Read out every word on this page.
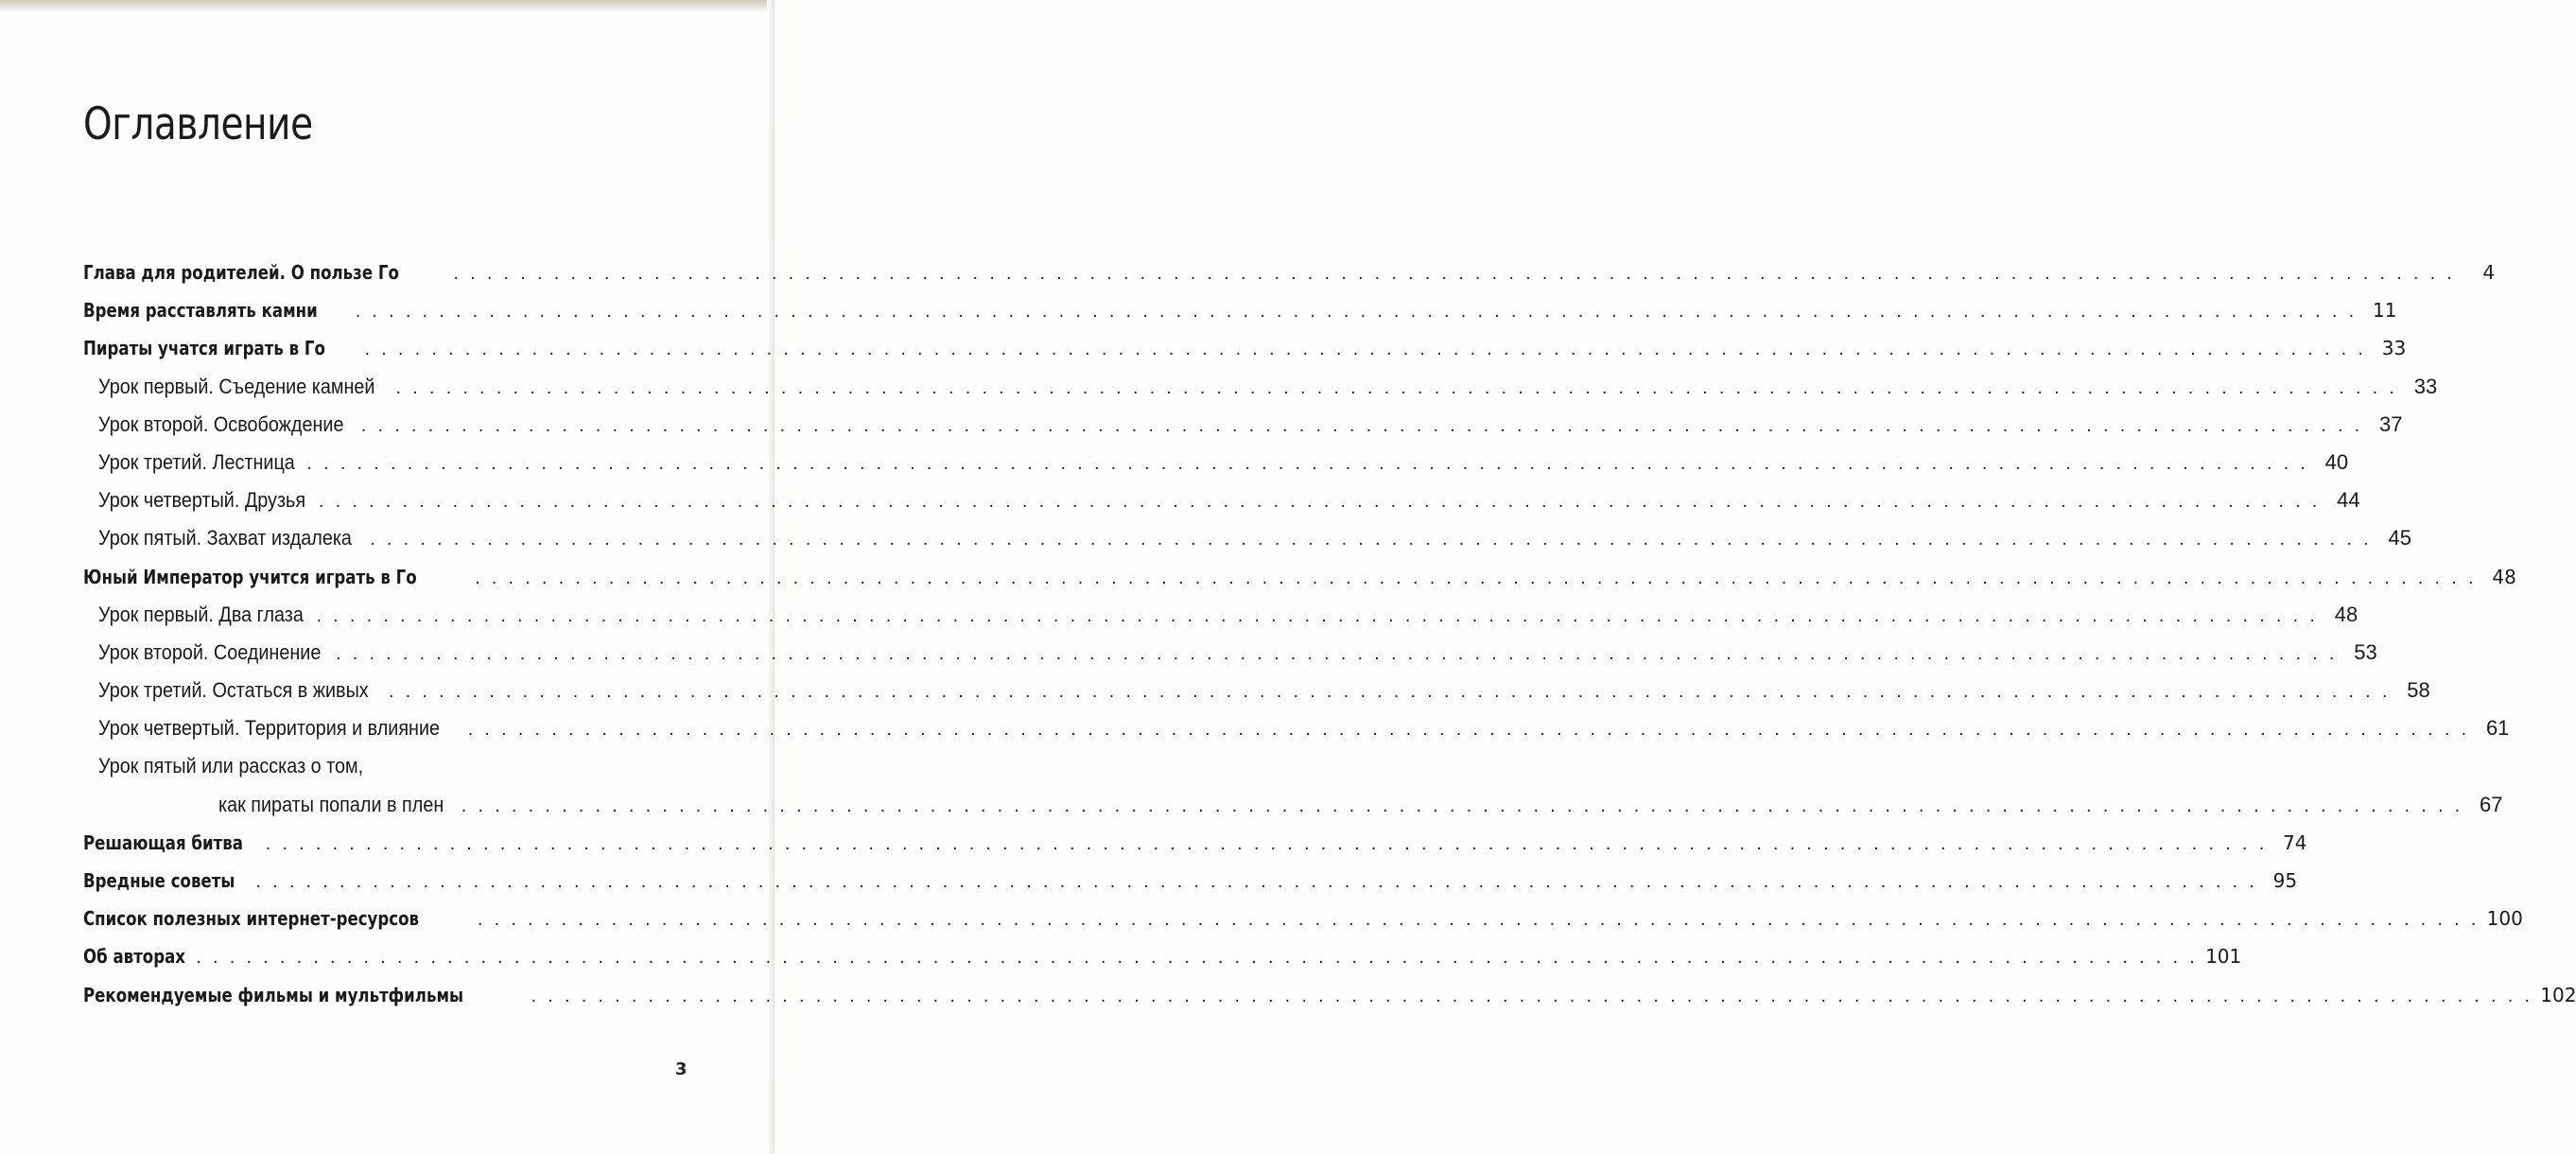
Оглавление
Глава для родителей. О пользе Го	. . . . . . . . . . . . . . . . . . . . . . . . . . . . . . . . . . . . . . . . . . . . . . . . . . . . . . . . . . . . . . . . . . . . . . . . . . . . . . . . . . . . . . . . . . . . . . . . . . . . . . . . . . . . . . . . . . . . . . . .	4
Время расставлять камни . . . . . . . . . . . . . . . . . . . . . . . . . . . . . . . . . . . . . . . . . . . . . . . . . . . . . . . . . . . . . . . . . . . . . . . . . . . . . . . . . . . . . . . . . . . . . . . . . . . . . . . . . . . . . . . . . . . . . . . . 11
Пираты учатся играть в Го . . . . . . . . . . . . . . . . . . . . . . . . . . . . . . . . . . . . . . . . . . . . . . . . . . . . . . . . . . . . . . . . . . . . . . . . . . . . . . . . . . . . . . . . . . . . . . . . . . . . . . . . . . . . . . . . . . . . . . . . 33
Урок первый. Съедение камней . . . . . . . . . . . . . . . . . . . . . . . . . . . . . . . . . . . . . . . . . . . . . . . . . . . . . . . . . . . . . . . . . . . . . . . . . . . . . . . . . . . . . . . . . . . . . . . . . . . . . . . . . . . . . . . . . . . . . . . . 33
Урок второй. Освобождение . . . . . . . . . . . . . . . . . . . . . . . . . . . . . . . . . . . . . . . . . . . . . . . . . . . . . . . . . . . . . . . . . . . . . . . . . . . . . . . . . . . . . . . . . . . . . . . . . . . . . . . . . . . . . . . . . . . . . . . . 37
Урок третий. Лестница . . . . . . . . . . . . . . . . . . . . . . . . . . . . . . . . . . . . . . . . . . . . . . . . . . . . . . . . . . . . . . . . . . . . . . . . . . . . . . . . . . . . . . . . . . . . . . . . . . . . . . . . . . . . . . . . . . . . . . . . 40
Урок четвертый. Друзья . . . . . . . . . . . . . . . . . . . . . . . . . . . . . . . . . . . . . . . . . . . . . . . . . . . . . . . . . . . . . . . . . . . . . . . . . . . . . . . . . . . . . . . . . . . . . . . . . . . . . . . . . . . . . . . . . . . . . . . . 44
Урок пятый. Захват издалека . . . . . . . . . . . . . . . . . . . . . . . . . . . . . . . . . . . . . . . . . . . . . . . . . . . . . . . . . . . . . . . . . . . . . . . . . . . . . . . . . . . . . . . . . . . . . . . . . . . . . . . . . . . . . . . . . . . . . . . . 45
Юный Император учится играть в Го	. . . . . . . . . . . . . . . . . . . . . . . . . . . . . . . . . . . . . . . . . . . . . . . . . . . . . . . . . . . . . . . . . . . . . . . . . . . . . . . . . . . . . . . . . . . . . . . . . . . . . . . . . . . . . . . . . . . . . . . . 48
Урок первый. Два глаза . . . . . . . . . . . . . . . . . . . . . . . . . . . . . . . . . . . . . . . . . . . . . . . . . . . . . . . . . . . . . . . . . . . . . . . . . . . . . . . . . . . . . . . . . . . . . . . . . . . . . . . . . . . . . . . . . . . . . . . . 48
Урок второй. Соединение . . . . . . . . . . . . . . . . . . . . . . . . . . . . . . . . . . . . . . . . . . . . . . . . . . . . . . . . . . . . . . . . . . . . . . . . . . . . . . . . . . . . . . . . . . . . . . . . . . . . . . . . . . . . . . . . . . . . . . . . 53
Урок третий. Остаться в живых . . . . . . . . . . . . . . . . . . . . . . . . . . . . . . . . . . . . . . . . . . . . . . . . . . . . . . . . . . . . . . . . . . . . . . . . . . . . . . . . . . . . . . . . . . . . . . . . . . . . . . . . . . . . . . . . . . . . . . . . 58
Урок четвертый. Территория и влияние . . . . . . . . . . . . . . . . . . . . . . . . . . . . . . . . . . . . . . . . . . . . . . . . . . . . . . . . . . . . . . . . . . . . . . . . . . . . . . . . . . . . . . . . . . . . . . . . . . . . . . . . . . . . . . . . . . . . . . . . 61
Урок пятый или рассказ о том,
как пираты попали в плен . . . . . . . . . . . . . . . . . . . . . . . . . . . . . . . . . . . . . . . . . . . . . . . . . . . . . . . . . . . . . . . . . . . . . . . . . . . . . . . . . . . . . . . . . . . . . . . . . . . . . . . . . . . . . . . . . . . . . . . . 67
Решающая битва . . . . . . . . . . . . . . . . . . . . . . . . . . . . . . . . . . . . . . . . . . . . . . . . . . . . . . . . . . . . . . . . . . . . . . . . . . . . . . . . . . . . . . . . . . . . . . . . . . . . . . . . . . . . . . . . . . . . . . . . 74
Вредные советы . . . . . . . . . . . . . . . . . . . . . . . . . . . . . . . . . . . . . . . . . . . . . . . . . . . . . . . . . . . . . . . . . . . . . . . . . . . . . . . . . . . . . . . . . . . . . . . . . . . . . . . . . . . . . . . . . . . . . . . . 95
Список полезных интернет-ресурсов	. . . . . . . . . . . . . . . . . . . . . . . . . . . . . . . . . . . . . . . . . . . . . . . . . . . . . . . . . . . . . . . . . . . . . . . . . . . . . . . . . . . . . . . . . . . . . . . . . . . . . . . . . . . . . . . . . . . . . . . . 100
Об авторах . . . . . . . . . . . . . . . . . . . . . . . . . . . . . . . . . . . . . . . . . . . . . . . . . . . . . . . . . . . . . . . . . . . . . . . . . . . . . . . . . . . . . . . . . . . . . . . . . . . . . . . . . . . . . . . . . . . . . . . . 101
Рекомендуемые фильмы и мультфильмы	. . . . . . . . . . . . . . . . . . . . . . . . . . . . . . . . . . . . . . . . . . . . . . . . . . . . . . . . . . . . . . . . . . . . . . . . . . . . . . . . . . . . . . . . . . . . . . . . . . . . . . . . . . . . . . . . . . . . . . . . 102
3
